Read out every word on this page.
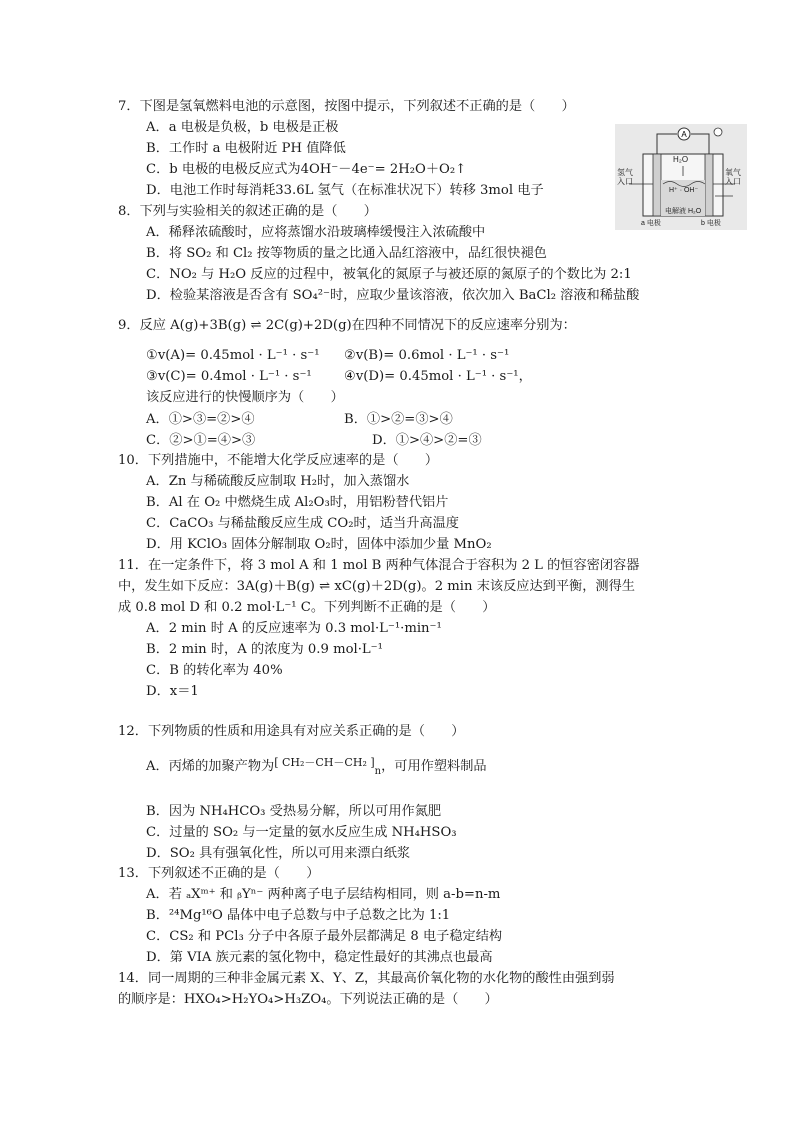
7．下图是氢氧燃料电池的示意图，按图中提示，下列叙述不正确的是（　　）
A．a 电极是负极，b 电极是正极
B．工作时 a 电极附近 PH 值降低
C．b 电极的电极反应式为4OH⁻－4e⁻= 2H₂O＋O₂↑
D．电池工作时每消耗33.6L 氢气（在标准状况下）转移 3mol 电子
A
氢气
入口
氧气
入口
H₂O
H⁺ · OH⁻
电解液 H₂O
a 电极	b 电极
8．下列与实验相关的叙述正确的是（　　）
A．稀释浓硫酸时，应将蒸馏水沿玻璃棒缓慢注入浓硫酸中
B．将 SO₂ 和 Cl₂ 按等物质的量之比通入品红溶液中，品红很快褪色
C．NO₂ 与 H₂O 反应的过程中，被氧化的氮原子与被还原的氮原子的个数比为 2:1
D．检验某溶液是否含有 SO₄²⁻时，应取少量该溶液，依次加入 BaCl₂ 溶液和稀盐酸
9．反应 A(g)+3B(g) ⇌ 2C(g)+2D(g)在四种不同情况下的反应速率分别为：
①v(A)= 0.45mol · L⁻¹ · s⁻¹ ②v(B)= 0.6mol · L⁻¹ · s⁻¹
③v(C)= 0.4mol · L⁻¹ · s⁻¹ ④v(D)= 0.45mol · L⁻¹ · s⁻¹，
该反应进行的快慢顺序为（　　）
A．①>③=②>④	B．①>②=③>④
C．②>①=④>③	D．①>④>②=③
10．下列措施中，不能增大化学反应速率的是（　　）
A．Zn 与稀硫酸反应制取 H₂时，加入蒸馏水
B．Al 在 O₂ 中燃烧生成 Al₂O₃时，用铝粉替代铝片
C．CaCO₃ 与稀盐酸反应生成 CO₂时，适当升高温度
D．用 KClO₃ 固体分解制取 O₂时，固体中添加少量 MnO₂
11．在一定条件下，将 3 mol A 和 1 mol B 两种气体混合于容积为 2 L 的恒容密闭容器
中，发生如下反应：3A(g)＋B(g) ⇌ xC(g)＋2D(g)。2 min 末该反应达到平衡，测得生
成 0.8 mol D 和 0.2 mol·L⁻¹ C。下列判断不正确的是（　　）
A．2 min 时 A 的反应速率为 0.3 mol·L⁻¹·min⁻¹
B．2 min 时，A 的浓度为 0.9 mol·L⁻¹
C．B 的转化率为 40%
D．x＝1
12．下列物质的性质和用途具有对应关系正确的是（　　）
A．丙烯的加聚产物为[ CH₂－CH－CH₂ ]$_n$，可用作塑料制品
B．因为 NH₄HCO₃ 受热易分解，所以可用作氮肥
C．过量的 SO₂ 与一定量的氨水反应生成 NH₄HSO₃
D．SO₂ 具有强氧化性，所以可用来漂白纸浆
13．下列叙述不正确的是（　　）
A．若 ₐXᵐ⁺ 和 ᵦYⁿ⁻ 两种离子电子层结构相同，则 a-b=n-m
B．²⁴Mg¹⁶O 晶体中电子总数与中子总数之比为 1:1
C．CS₂ 和 PCl₃ 分子中各原子最外层都满足 8 电子稳定结构
D．第 VIA 族元素的氢化物中，稳定性最好的其沸点也最高
14．同一周期的三种非金属元素 X、Y、Z，其最高价氧化物的水化物的酸性由强到弱
的顺序是：HXO₄>H₂YO₄>H₃ZO₄。下列说法正确的是（　　）
